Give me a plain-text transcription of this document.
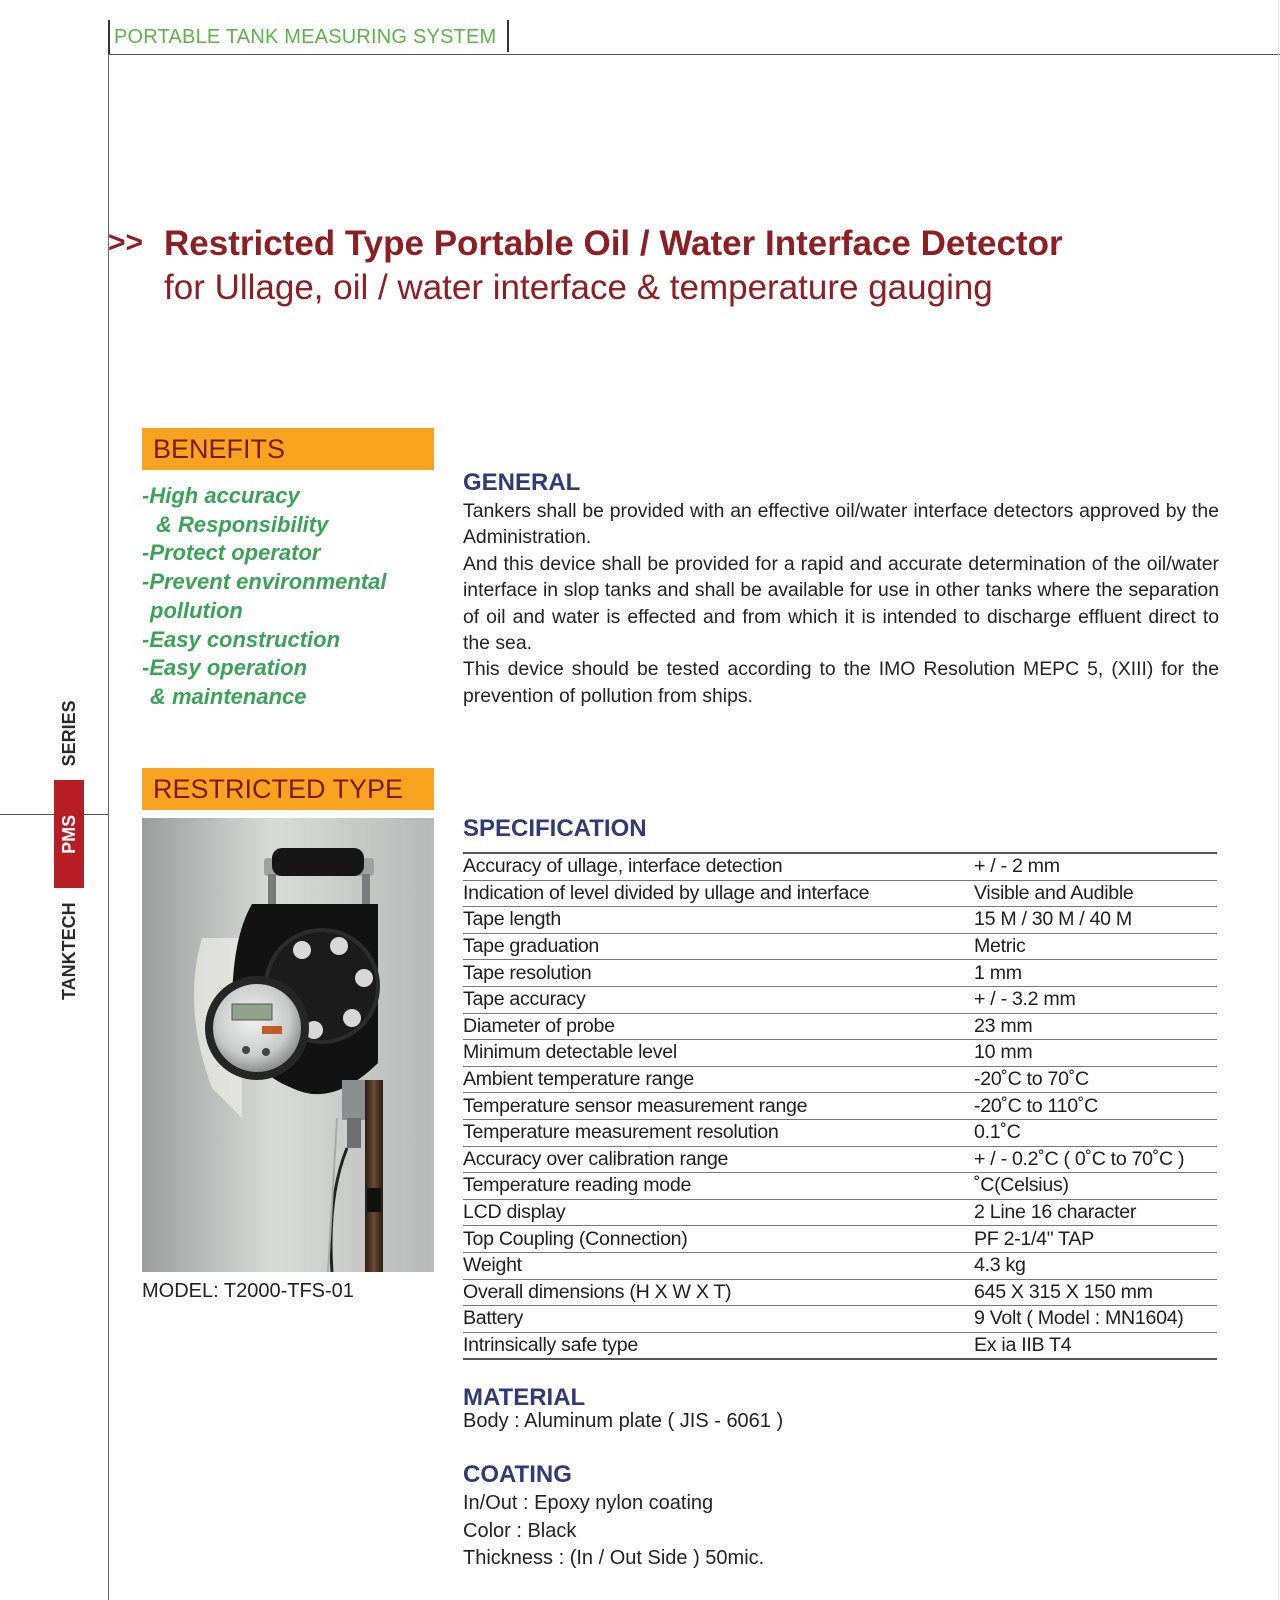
PORTABLE TANK MEASURING SYSTEM
TANKTECH
PMS
SERIES
>> Restricted Type Portable Oil / Water Interface Detector
for Ullage, oil / water interface & temperature gauging
BENEFITS
-High accuracy
& Responsibility
-Protect operator
-Prevent environmental
pollution
-Easy construction
-Easy operation
& maintenance
RESTRICTED TYPE
MODEL: T2000-TFS-01
GENERAL

Tankers shall be provided with an effective oil/water interface detectors approved by the Administration.

And this device shall be provided for a rapid and accurate determination of the oil/water interface in slop tanks and shall be available for use in other tanks where the separation of oil and water is effected and from which it is intended to discharge effluent direct to the sea.

This device should be tested according to the IMO Resolution MEPC 5, (XIII) for the prevention of pollution from ships.

SPECIFICATION
Accuracy of ullage, interface detection	+ / - 2 mm
Indication of level divided by ullage and interface	Visible and Audible
Tape length	15 M / 30 M / 40 M
Tape graduation	Metric
Tape resolution	1 mm
Tape accuracy	+ / - 3.2 mm
Diameter of probe	23 mm
Minimum detectable level	10 mm
Ambient temperature range	-20˚C to 70˚C
Temperature sensor measurement range	-20˚C to 110˚C
Temperature measurement resolution	0.1˚C
Accuracy over calibration range	+ / - 0.2˚C ( 0˚C to 70˚C )
Temperature reading mode	˚C(Celsius)
LCD display	2 Line 16 character
Top Coupling (Connection)	PF 2-1/4" TAP
Weight	4.3 kg
Overall dimensions (H X W X T)	645 X 315 X 150 mm
Battery	9 Volt ( Model : MN1604)
Intrinsically safe type	Ex ia IIB T4
MATERIAL
Body : Aluminum plate ( JIS - 6061 )
COATING
In/Out : Epoxy nylon coating
Color : Black
Thickness : (In / Out Side ) 50mic.
